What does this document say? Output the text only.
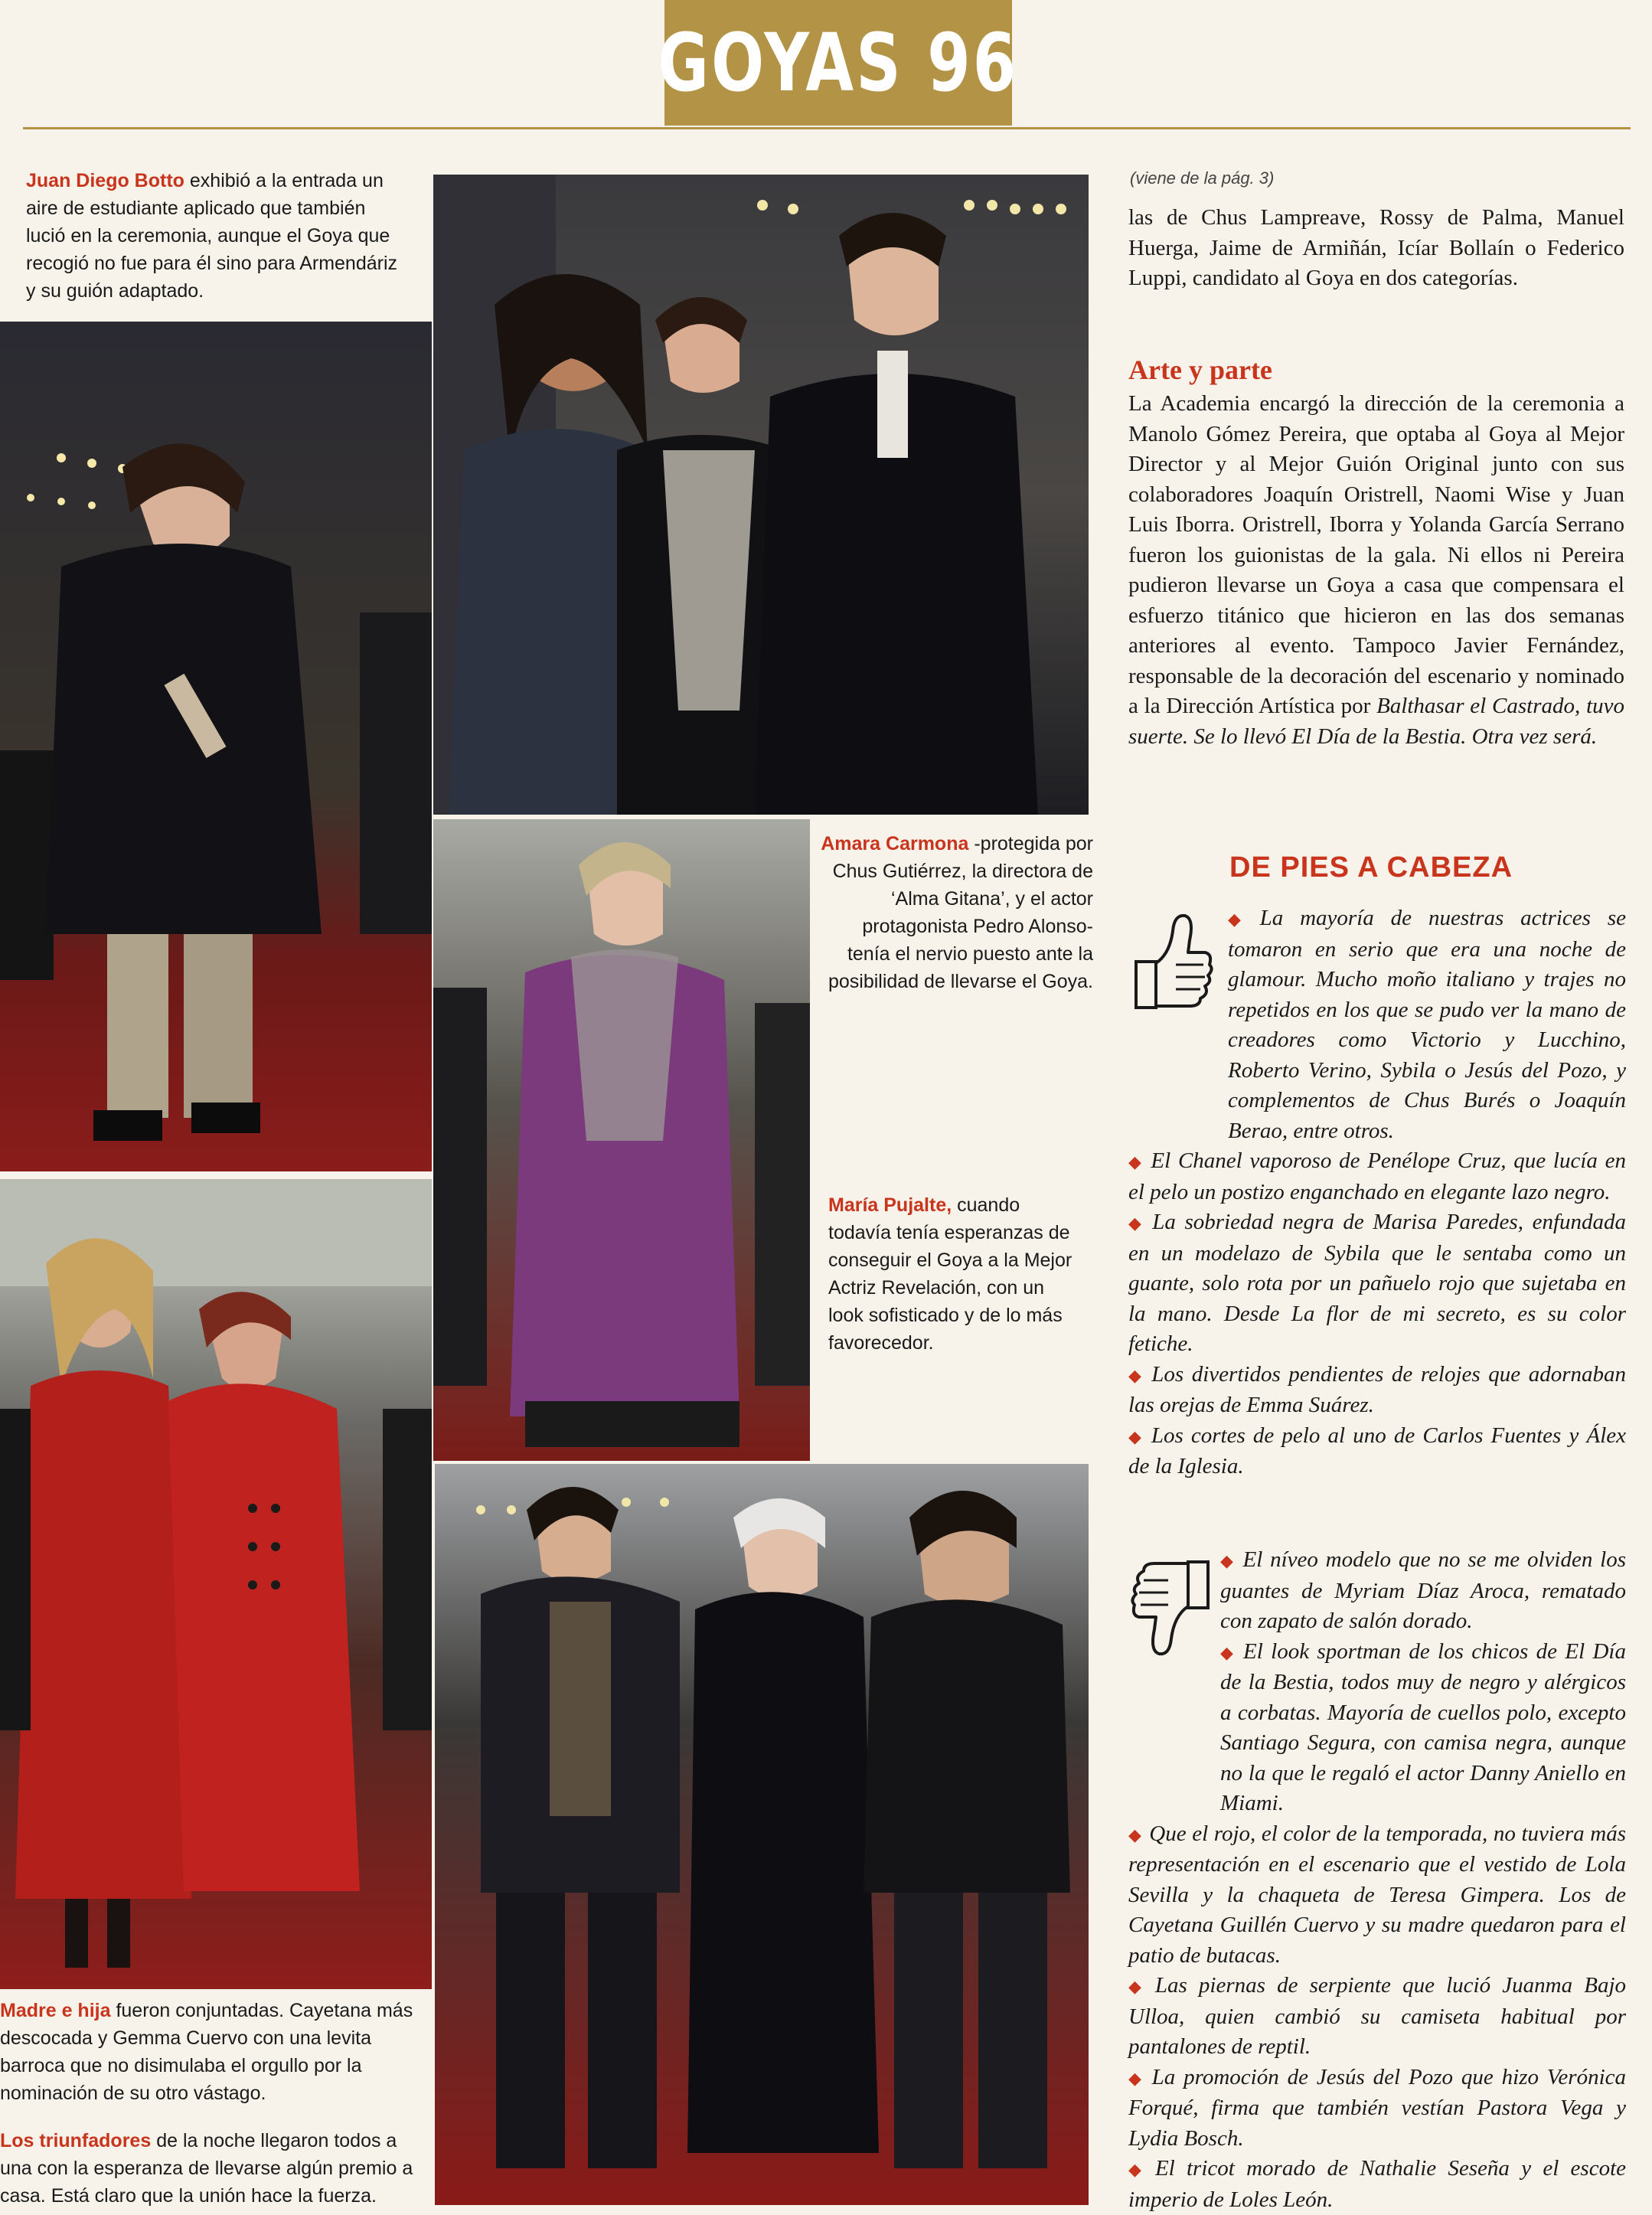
GOYAS 96

Juan Diego Botto exhibió a la entrada un aire de estudiante aplicado que también lució en la ceremonia, aunque el Goya que recogió no fue para él sino para Armendáriz y su guión adaptado.

Madre e hija fueron conjuntadas. Cayetana más descocada y Gemma Cuervo con una levita barroca que no disimulaba el orgullo por la nominación de su otro vástago.

Los triunfadores de la noche llegaron todos a una con la esperanza de llevarse algún premio a casa. Está claro que la unión hace la fuerza.

Amara Carmona -protegida por Chus Gutiérrez, la directora de ‘Alma Gitana’, y el actor protagonista Pedro Alonso- tenía el nervio puesto ante la posibilidad de llevarse el Goya.

María Pujalte, cuando todavía tenía esperanzas de conseguir el Goya a la Mejor Actriz Revelación, con un look sofisticado y de lo más favorecedor.

(viene de la pág. 3)

las de Chus Lampreave, Rossy de Palma, Manuel Huerga, Jaime de Armiñán, Icíar Bollaín o Federico Luppi, candidato al Goya en dos categorías.

Arte y parte

La Academia encargó la dirección de la ceremonia a Manolo Gómez Pereira, que optaba al Goya al Mejor Director y al Mejor Guión Original junto con sus colaboradores Joaquín Oristrell, Naomi Wise y Juan Luis Iborra. Oristrell, Iborra y Yolanda García Serrano fueron los guionistas de la gala. Ni ellos ni Pereira pudieron llevarse un Goya a casa que compensara el esfuerzo titánico que hicieron en las dos semanas anteriores al evento. Tampoco Javier Fernández, responsable de la decoración del escenario y nominado a la Dirección Artística por Balthasar el Castrado, tuvo suerte. Se lo llevó El Día de la Bestia. Otra vez será.

DE PIES A CABEZA

◆ La mayoría de nuestras actrices se tomaron en serio que era una noche de glamour. Mucho moño italiano y trajes no repetidos en los que se pudo ver la mano de creadores como Victorio y Lucchino, Roberto Verino, Sybila o Jesús del Pozo, y complementos de Chus Burés o Joaquín Berao, entre otros.

◆ El Chanel vaporoso de Penélope Cruz, que lucía en el pelo un postizo enganchado en elegante lazo negro.

◆ La sobriedad negra de Marisa Paredes, enfundada en un modelazo de Sybila que le sentaba como un guante, solo rota por un pañuelo rojo que sujetaba en la mano. Desde La flor de mi secreto, es su color fetiche.

◆ Los divertidos pendientes de relojes que adornaban las orejas de Emma Suárez.

◆ Los cortes de pelo al uno de Carlos Fuentes y Álex de la Iglesia.

◆ El níveo modelo que no se me olviden los guantes de Myriam Díaz Aroca, rematado con zapato de salón dorado.

◆ El look sportman de los chicos de El Día de la Bestia, todos muy de negro y alérgicos a corbatas. Mayoría de cuellos polo, excepto Santiago Segura, con camisa negra, aunque no la que le regaló el actor Danny Aniello en Miami.

◆ Que el rojo, el color de la temporada, no tuviera más representación en el escenario que el vestido de Lola Sevilla y la chaqueta de Teresa Gimpera. Los de Cayetana Guillén Cuervo y su madre quedaron para el patio de butacas.

◆ Las piernas de serpiente que lució Juanma Bajo Ulloa, quien cambió su camiseta habitual por pantalones de reptil.

◆ La promoción de Jesús del Pozo que hizo Verónica Forqué, firma que también vestían Pastora Vega y Lydia Bosch.

◆ El tricot morado de Nathalie Seseña y el escote imperio de Loles León.
